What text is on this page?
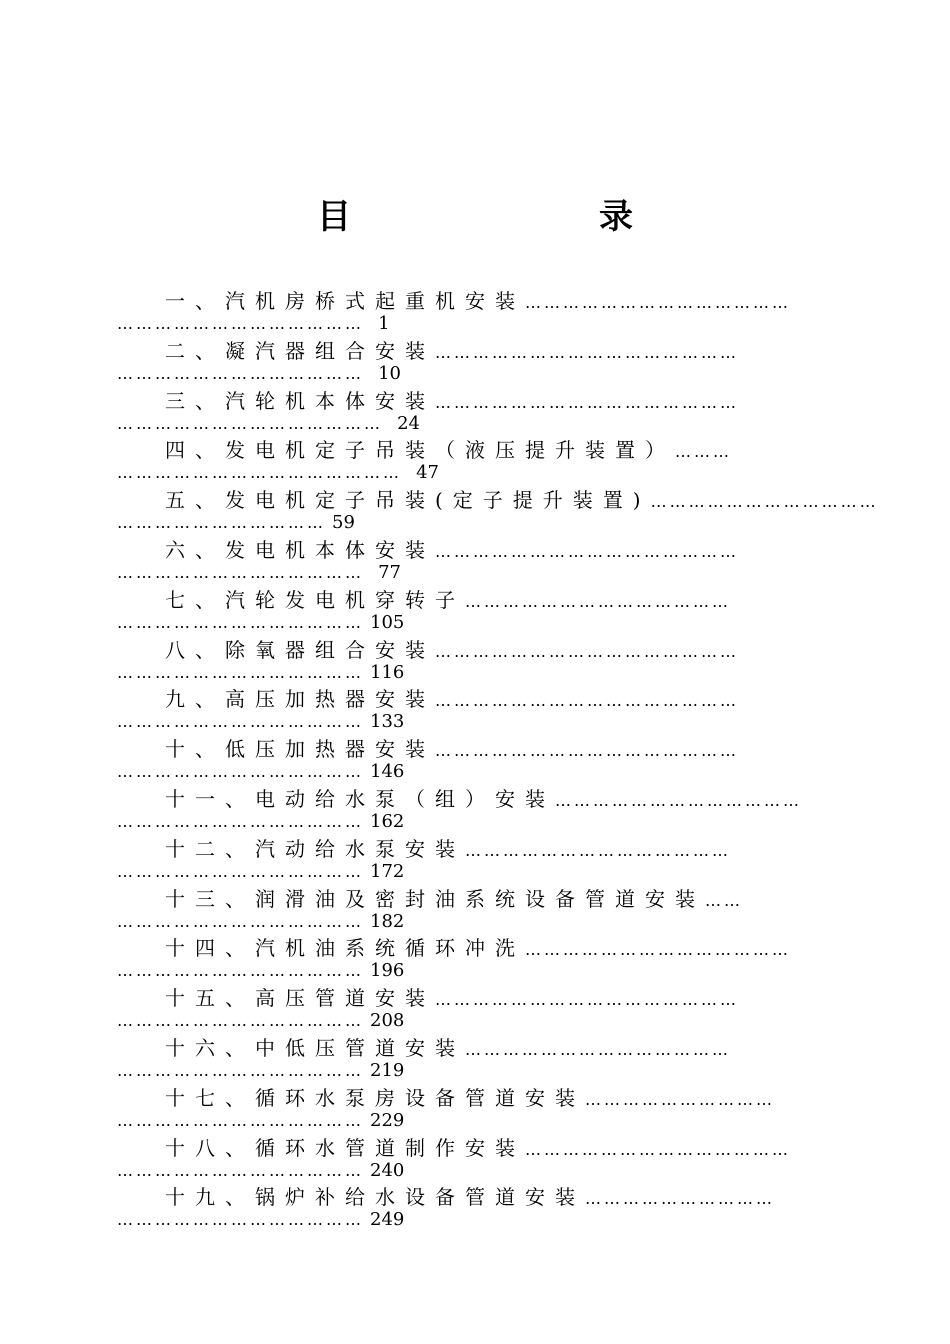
目　　录
一、汽机房桥式起重机安装……………………………………
………………………………… 1
二、凝汽器组合安装…………………………………………
………………………………… 10
三、汽轮机本体安装…………………………………………
…………………………………… 24
四、发电机定子吊装（液压提升装置）………
……………………………………… 47
五、发电机定子吊装(定子提升装置)………………………………
…………………………… 59
六、发电机本体安装…………………………………………
………………………………… 77
七、汽轮发电机穿转子……………………………………
………………………………… 105
八、除氧器组合安装…………………………………………
………………………………… 116
九、高压加热器安装…………………………………………
………………………………… 133
十、低压加热器安装…………………………………………
………………………………… 146
十一、电动给水泵（组）安装…………………………………
………………………………… 162
十二、汽动给水泵安装……………………………………
………………………………… 172
十三、润滑油及密封油系统设备管道安装……
………………………………… 182
十四、汽机油系统循环冲洗……………………………………
………………………………… 196
十五、高压管道安装…………………………………………
………………………………… 208
十六、中低压管道安装……………………………………
………………………………… 219
十七、循环水泵房设备管道安装…………………………
………………………………… 229
十八、循环水管道制作安装……………………………………
………………………………… 240
十九、锅炉补给水设备管道安装…………………………
………………………………… 249
